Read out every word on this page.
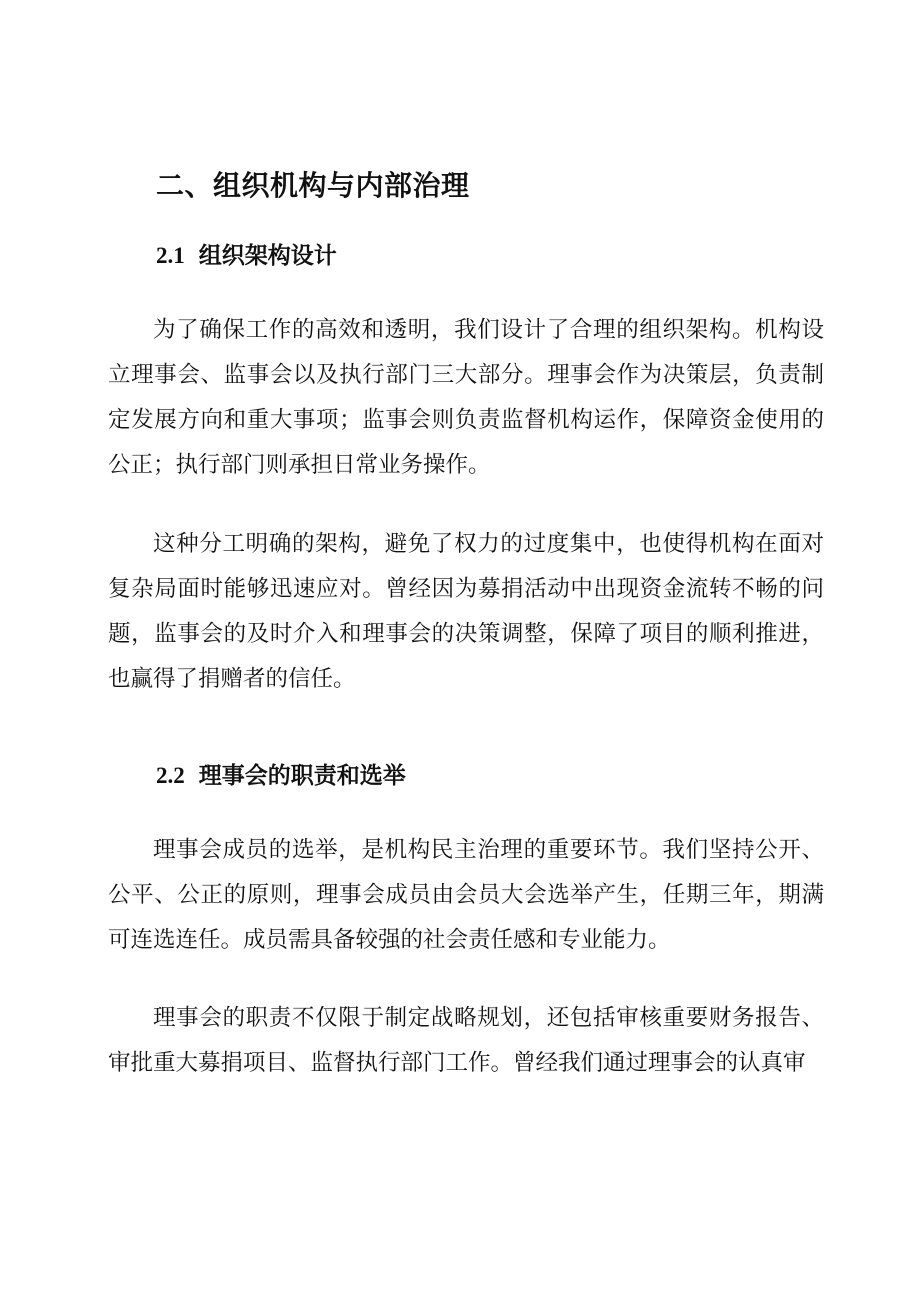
二、组织机构与内部治理
2.1 组织架构设计

为了确保工作的高效和透明，我们设计了合理的组织架构。机构设立理事会、监事会以及执行部门三大部分。理事会作为决策层，负责制定发展方向和重大事项；监事会则负责监督机构运作，保障资金使用的公正；执行部门则承担日常业务操作。

这种分工明确的架构，避免了权力的过度集中，也使得机构在面对复杂局面时能够迅速应对。曾经因为募捐活动中出现资金流转不畅的问题，监事会的及时介入和理事会的决策调整，保障了项目的顺利推进，也赢得了捐赠者的信任。

2.2 理事会的职责和选举

理事会成员的选举，是机构民主治理的重要环节。我们坚持公开、公平、公正的原则，理事会成员由会员大会选举产生，任期三年，期满可连选连任。成员需具备较强的社会责任感和专业能力。

理事会的职责不仅限于制定战略规划，还包括审核重要财务报告、审批重大募捐项目、监督执行部门工作。曾经我们通过理事会的认真审
